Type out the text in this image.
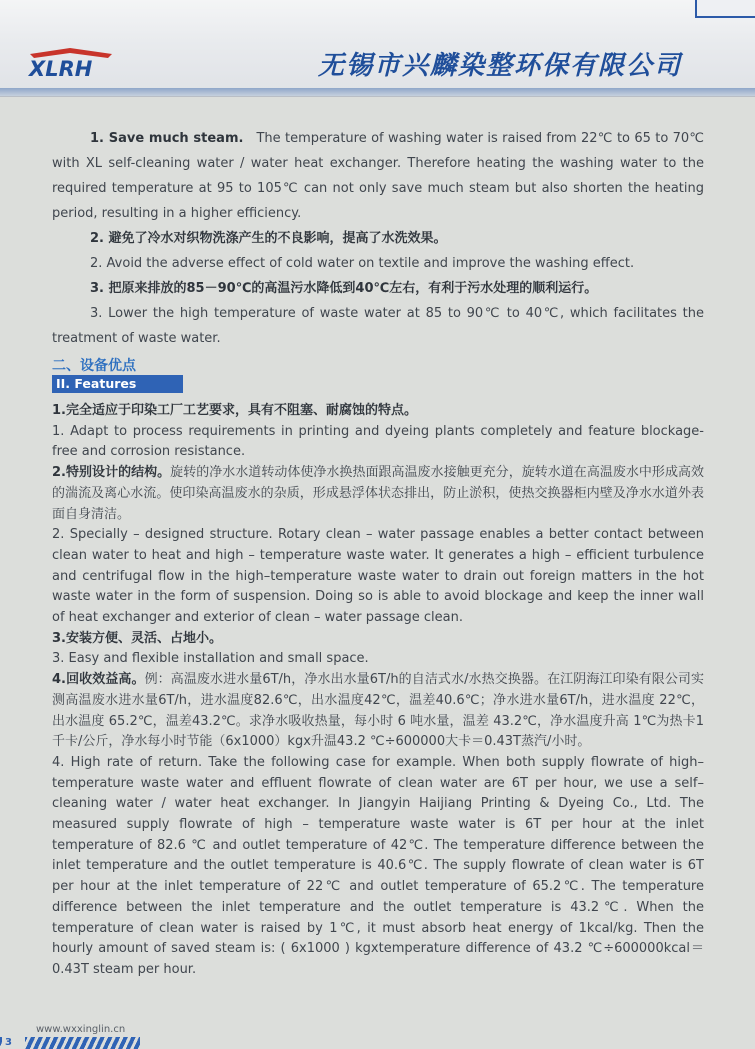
XLRH	无锡市兴麟染整环保有限公司

1. Save much steam. The temperature of washing water is raised from 22℃ to 65 to 70℃ with XL self-cleaning water / water heat exchanger. Therefore heating the washing water to the required temperature at 95 to 105℃ can not only save much steam but also shorten the heating period, resulting in a higher efficiency.

2. 避免了冷水对织物洗涤产生的不良影响，提高了水洗效果。

2. Avoid the adverse effect of cold water on textile and improve the washing effect.

3. 把原来排放的85－90℃的高温污水降低到40℃左右，有利于污水处理的顺利运行。

3. Lower the high temperature of waste water at 85 to 90℃ to 40℃, which facilitates the treatment of waste water.

二、设备优点
II. Features

1.完全适应于印染工厂工艺要求，具有不阻塞、耐腐蚀的特点。

1. Adapt to process requirements in printing and dyeing plants completely and feature blockage-free and corrosion resistance.

2.特别设计的结构。旋转的净水水道转动体使净水换热面跟高温废水接触更充分，旋转水道在高温废水中形成高效的湍流及离心水流。使印染高温废水的杂质，形成悬浮体状态排出，防止淤积，使热交换器柜内壁及净水水道外表面自身清洁。

2. Specially – designed structure. Rotary clean – water passage enables a better contact between clean water to heat and high – temperature waste water. It generates a high – efficient turbulence and centrifugal flow in the high–temperature waste water to drain out foreign matters in the hot waste water in the form of suspension. Doing so is able to avoid blockage and keep the inner wall of heat exchanger and exterior of clean – water passage clean.

3.安装方便、灵活、占地小。

3. Easy and flexible installation and small space.

4.回收效益高。例：高温废水进水量6T/h，净水出水量6T/h的自洁式水/水热交换器。在江阴海江印染有限公司实测高温废水进水量6T/h，进水温度82.6℃，出水温度42℃，温差40.6℃；净水进水量6T/h，进水温度 22℃，出水温度 65.2℃，温差43.2℃。求净水吸收热量，每小时 6 吨水量，温差 43.2℃，净水温度升高 1℃为热卡1千卡/公斤，净水每小时节能（6x1000）kgx升温43.2 ℃÷600000大卡＝0.43T蒸汽/小时。

4. High rate of return. Take the following case for example. When both supply flowrate of high–temperature waste water and effluent flowrate of clean water are 6T per hour, we use a self–cleaning water / water heat exchanger. In Jiangyin Haijiang Printing & Dyeing Co., Ltd. The measured supply flowrate of high – temperature waste water is 6T per hour at the inlet temperature of 82.6 ℃ and outlet temperature of 42℃. The temperature difference between the inlet temperature and the outlet temperature is 40.6℃. The supply flowrate of clean water is 6T per hour at the inlet temperature of 22℃ and outlet temperature of 65.2℃. The temperature difference between the inlet temperature and the outlet temperature is 43.2℃. When the temperature of clean water is raised by 1℃, it must absorb heat energy of 1kcal/kg. Then the hourly amount of saved steam is: ( 6x1000 ) kgxtemperature difference of 43.2 ℃÷600000kcal＝0.43T steam per hour.

www.wxxinglin.cn
3
